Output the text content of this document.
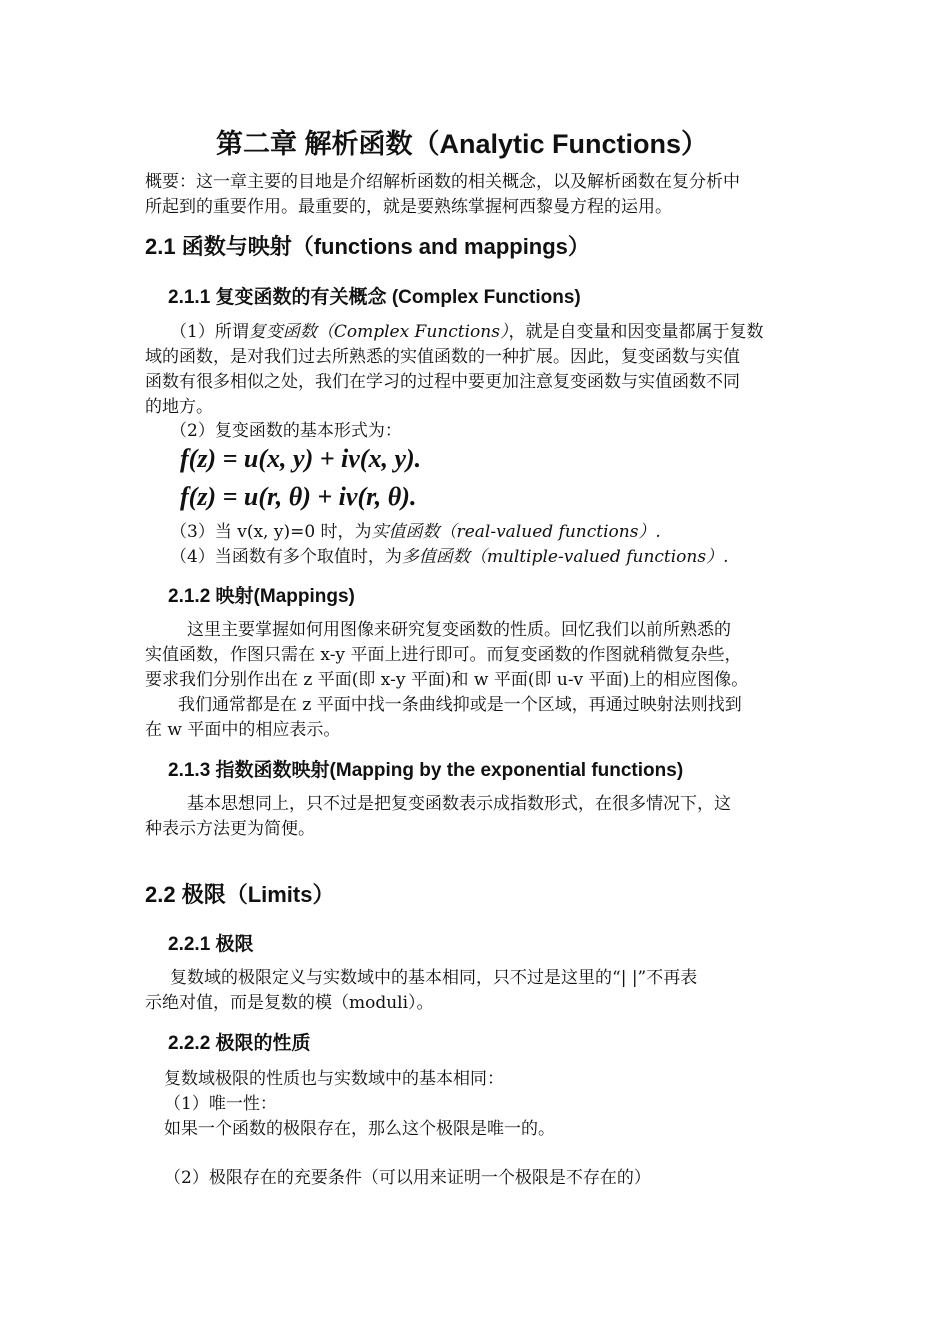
第二章 解析函数（Analytic Functions）
概要：这一章主要的目地是介绍解析函数的相关概念，以及解析函数在复分析中
所起到的重要作用。最重要的，就是要熟练掌握柯西黎曼方程的运用。
2.1 函数与映射（functions and mappings）
2.1.1 复变函数的有关概念 (Complex Functions)
（1）所谓复变函数（Complex Functions），就是自变量和因变量都属于复数
域的函数，是对我们过去所熟悉的实值函数的一种扩展。因此，复变函数与实值
函数有很多相似之处，我们在学习的过程中要更加注意复变函数与实值函数不同
的地方。
（2）复变函数的基本形式为：
f(z) = u(x, y) + iv(x, y).
f(z) = u(r, θ) + iv(r, θ).
（3）当 v(x, y)=0 时，为实值函数（real-valued functions）.
（4）当函数有多个取值时，为多值函数（multiple-valued functions）.
2.1.2 映射(Mappings)
这里主要掌握如何用图像来研究复变函数的性质。回忆我们以前所熟悉的
实值函数，作图只需在 x-y 平面上进行即可。而复变函数的作图就稍微复杂些，
要求我们分别作出在 z 平面(即 x-y 平面)和 w 平面(即 u-v 平面)上的相应图像。
我们通常都是在 z 平面中找一条曲线抑或是一个区域，再通过映射法则找到
在 w 平面中的相应表示。
2.1.3 指数函数映射(Mapping by the exponential functions)
基本思想同上，只不过是把复变函数表示成指数形式，在很多情况下，这
种表示方法更为简便。
2.2 极限（Limits）
2.2.1 极限
复数域的极限定义与实数域中的基本相同，只不过是这里的“| |”不再表
示绝对值，而是复数的模（moduli）。
2.2.2 极限的性质
复数域极限的性质也与实数域中的基本相同：
（1）唯一性：
如果一个函数的极限存在，那么这个极限是唯一的。
（2）极限存在的充要条件（可以用来证明一个极限是不存在的）
